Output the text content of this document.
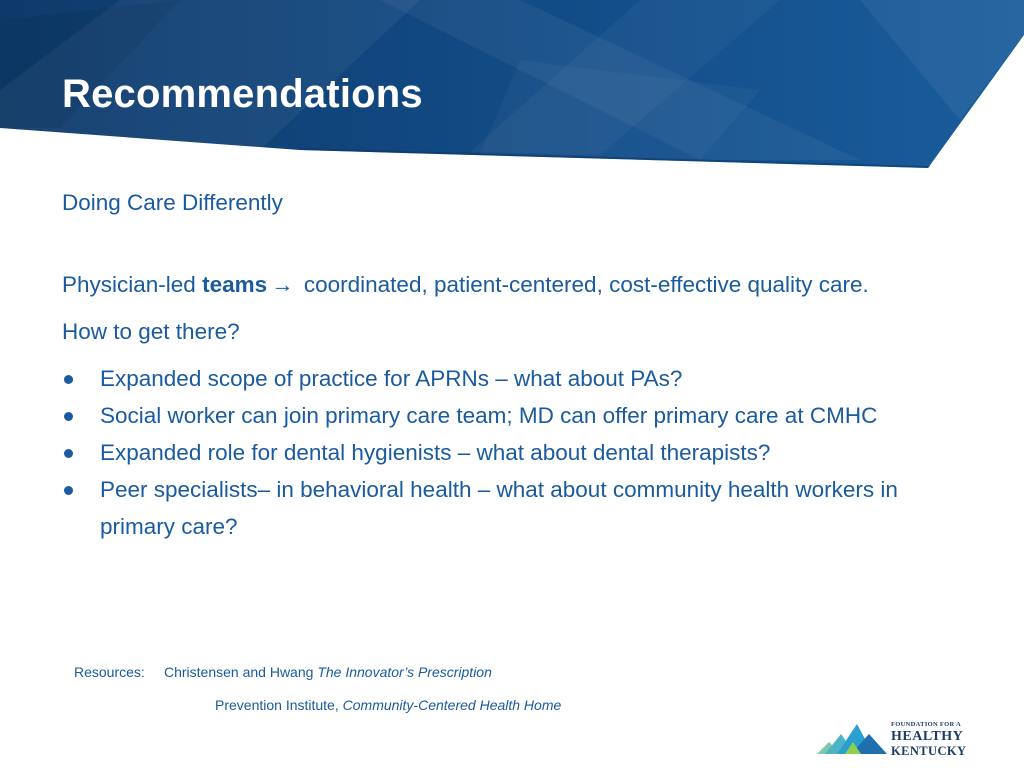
Recommendations

Doing Care Differently

Physician-led teams → coordinated, patient-centered, cost-effective quality care.

How to get there?

Expanded scope of practice for APRNs – what about PAs?
Social worker can join primary care team; MD can offer primary care at CMHC
Expanded role for dental hygienists – what about dental therapists?
Peer specialists– in behavioral health – what about community health workers in primary care?
Resources: Christensen and Hwang The Innovator’s Prescription
Prevention Institute, Community-Centered Health Home
FOUNDATION FOR A
HEALTHY
KENTUCKY
